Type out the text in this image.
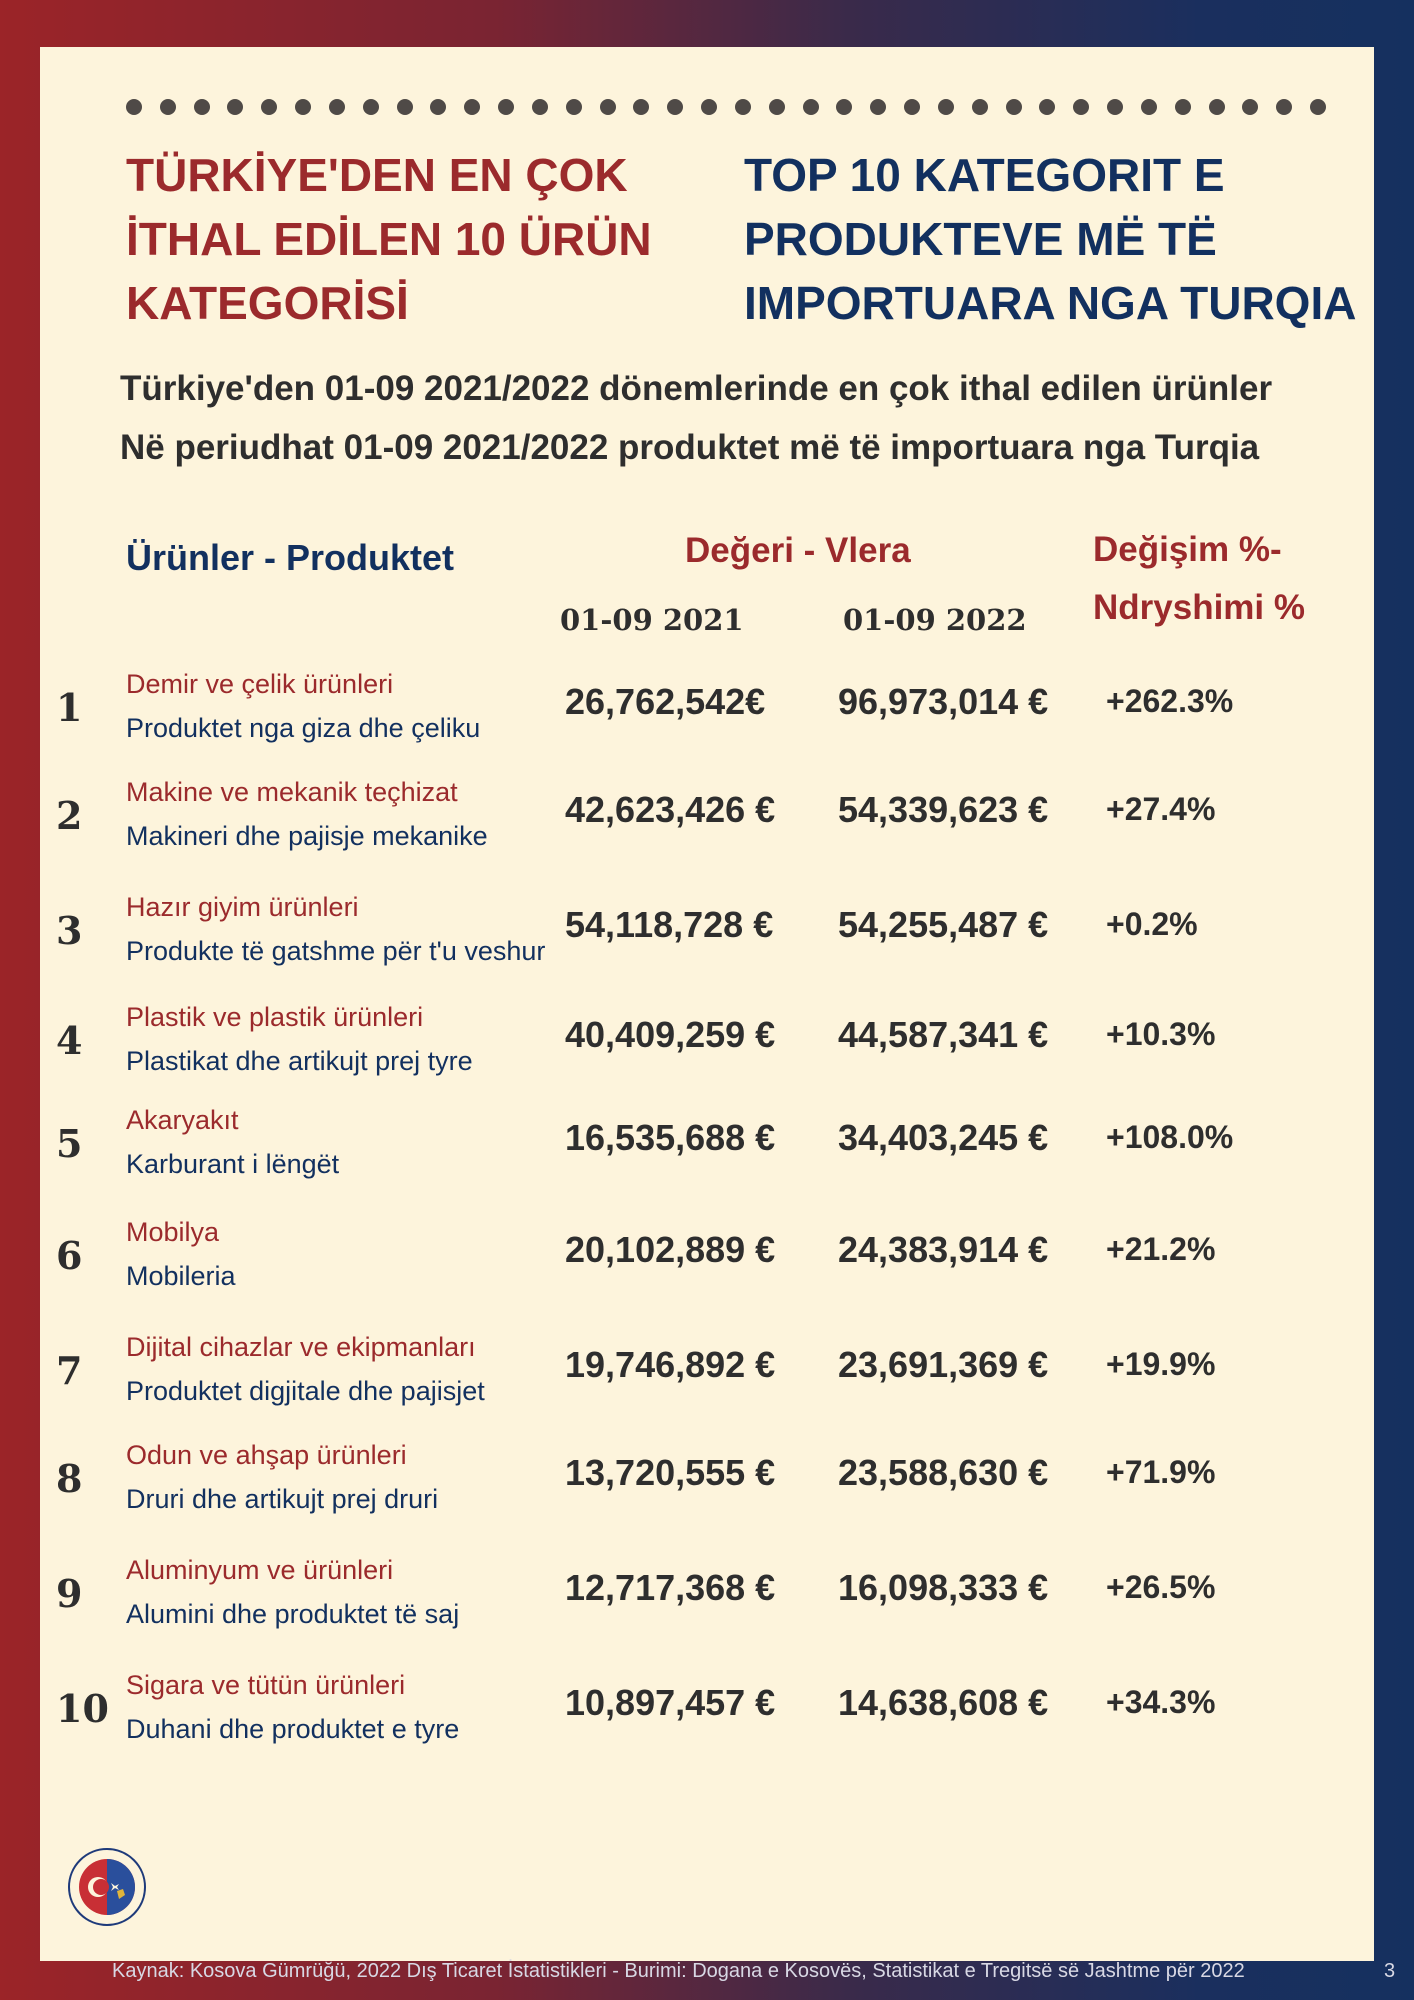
TÜRKİYE'DEN EN ÇOK İTHAL EDİLEN 10 ÜRÜN KATEGORİSİ
TOP 10 KATEGORIT E PRODUKTEVE MË TË IMPORTUARA NGA TURQIA
Türkiye'den 01-09 2021/2022 dönemlerinde en çok ithal edilen ürünler
Në periudhat 01-09 2021/2022 produktet më të importuara nga Turqia
Ürünler - Produktet	Değeri - Vlera	Değişim %-
Ndryshimi %
01-09 2021	01-09 2022
1
Demir ve çelik ürünleri
Produktet nga giza dhe çeliku
26,762,542€ 96,973,014 € +262.3%
2
Makine ve mekanik teçhizat
Makineri dhe pajisje mekanike
42,623,426 € 54,339,623 € +27.4%
3
Hazır giyim ürünleri
Produkte të gatshme për t'u veshur
54,118,728 € 54,255,487 € +0.2%
4
Plastik ve plastik ürünleri
Plastikat dhe artikujt prej tyre
40,409,259 € 44,587,341 € +10.3%
5
Akaryakıt
Karburant i lëngët
16,535,688 € 34,403,245 € +108.0%
6
Mobilya
Mobileria
20,102,889 € 24,383,914 € +21.2%
7
Dijital cihazlar ve ekipmanları
Produktet digjitale dhe pajisjet
19,746,892 € 23,691,369 € +19.9%
8
Odun ve ahşap ürünleri
Druri dhe artikujt prej druri
13,720,555 € 23,588,630 € +71.9%
9
Aluminyum ve ürünleri
Alumini dhe produktet të saj
12,717,368 € 16,098,333 € +26.5%
10
Sigara ve tütün ürünleri
Duhani dhe produktet e tyre
10,897,457 € 14,638,608 € +34.3%
Kaynak: Kosova Gümrüğü, 2022 Dış Ticaret İstatistikleri - Burimi: Dogana e Kosovës, Statistikat e Tregitsë së Jashtme për 2022	3
